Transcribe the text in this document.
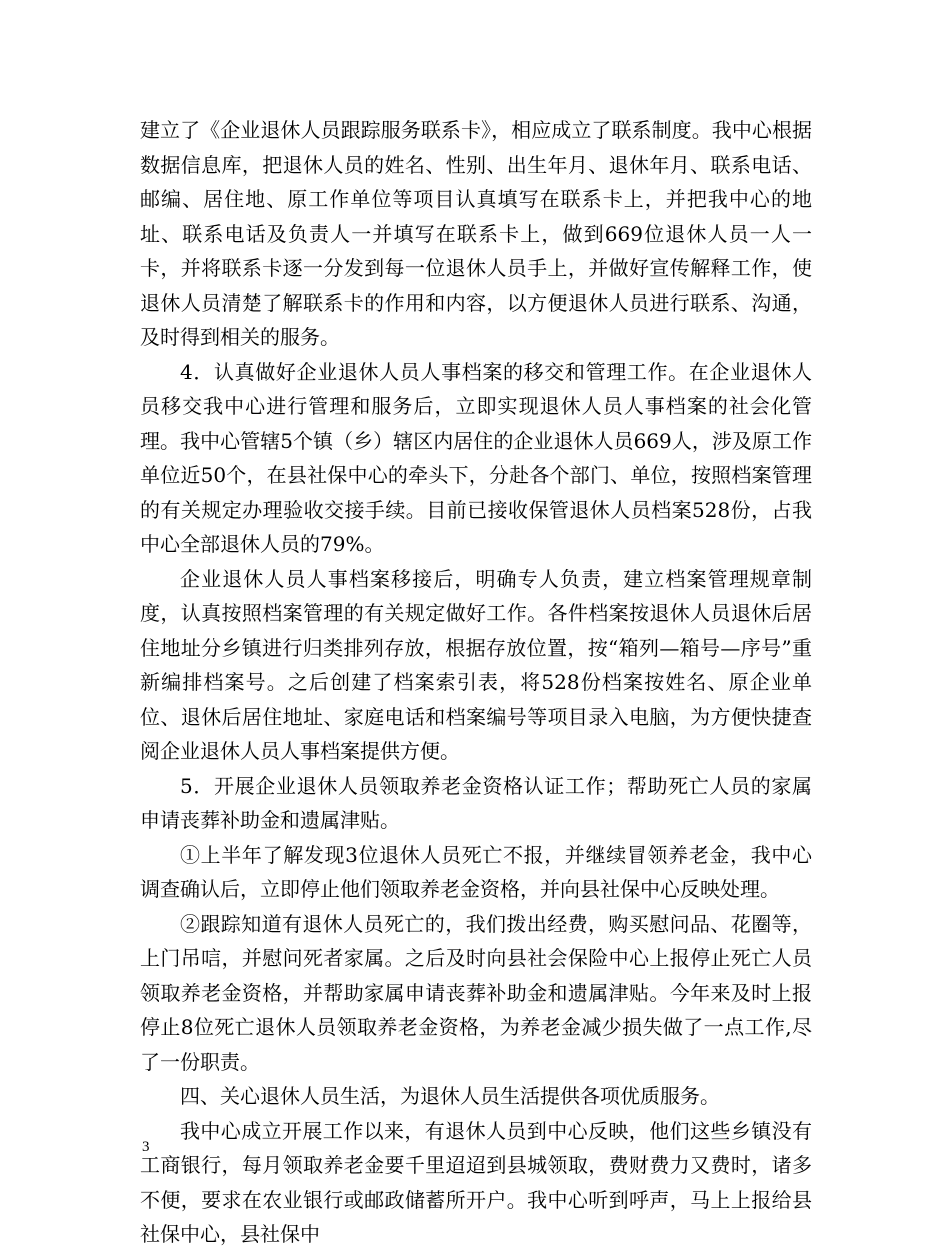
建立了《企业退休人员跟踪服务联系卡》，相应成立了联系制度。我中心根据数据信息库，把退休人员的姓名、性别、出生年月、退休年月、联系电话、邮编、居住地、原工作单位等项目认真填写在联系卡上，并把我中心的地址、联系电话及负责人一并填写在联系卡上，做到669位退休人员一人一卡，并将联系卡逐一分发到每一位退休人员手上，并做好宣传解释工作，使退休人员清楚了解联系卡的作用和内容，以方便退休人员进行联系、沟通，及时得到相关的服务。

4．认真做好企业退休人员人事档案的移交和管理工作。在企业退休人员移交我中心进行管理和服务后，立即实现退休人员人事档案的社会化管理。我中心管辖5个镇（乡）辖区内居住的企业退休人员669人，涉及原工作单位近50个，在县社保中心的牵头下，分赴各个部门、单位，按照档案管理的有关规定办理验收交接手续。目前已接收保管退休人员档案528份，占我中心全部退休人员的79%。

企业退休人员人事档案移接后，明确专人负责，建立档案管理规章制度，认真按照档案管理的有关规定做好工作。各件档案按退休人员退休后居住地址分乡镇进行归类排列存放，根据存放位置，按“箱列—箱号—序号”重新编排档案号。之后创建了档案索引表，将528份档案按姓名、原企业单位、退休后居住地址、家庭电话和档案编号等项目录入电脑，为方便快捷查阅企业退休人员人事档案提供方便。

5．开展企业退休人员领取养老金资格认证工作；帮助死亡人员的家属申请丧葬补助金和遗属津贴。

①上半年了解发现3位退休人员死亡不报，并继续冒领养老金，我中心调查确认后，立即停止他们领取养老金资格，并向县社保中心反映处理。

②跟踪知道有退休人员死亡的，我们拨出经费，购买慰问品、花圈等，上门吊唁，并慰问死者家属。之后及时向县社会保险中心上报停止死亡人员领取养老金资格，并帮助家属申请丧葬补助金和遗属津贴。今年来及时上报停止8位死亡退休人员领取养老金资格，为养老金减少损失做了一点工作,尽了一份职责。

四、关心退休人员生活，为退休人员生活提供各项优质服务。

我中心成立开展工作以来，有退休人员到中心反映，他们这些乡镇没有工商银行，每月领取养老金要千里迢迢到县城领取，费财费力又费时，诸多不便，要求在农业银行或邮政储蓄所开户。我中心听到呼声，马上上报给县社保中心，县社保中

3
